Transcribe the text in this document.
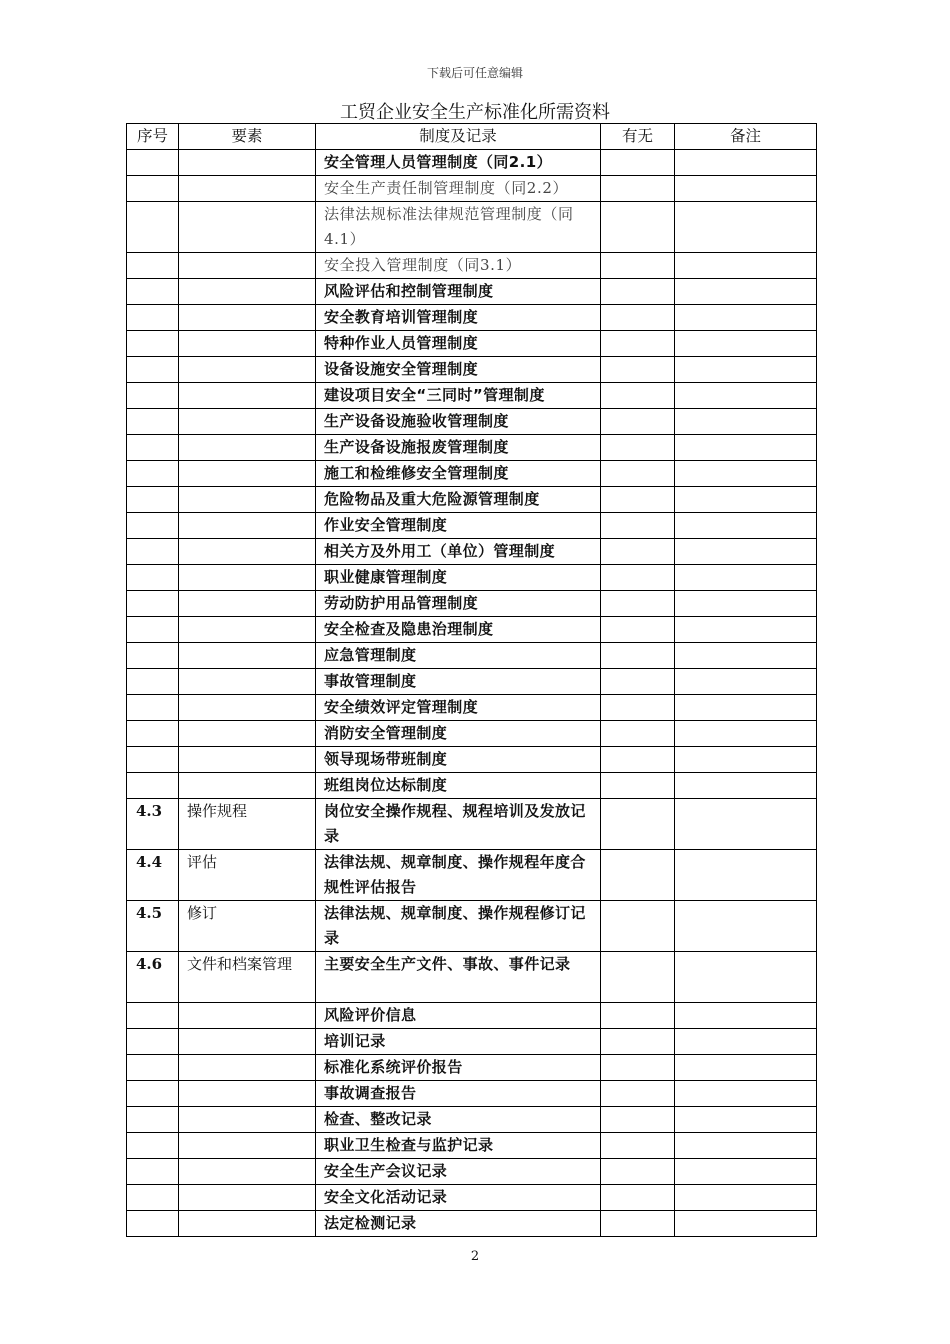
下载后可任意编辑
工贸企业安全生产标准化所需资料
序号	要素	制度及记录	有无	备注
		安全管理人员管理制度（同2.1）		
		安全生产责任制管理制度（同2.2）		
		法律法规标准法律规范管理制度（同4.1）		
		安全投入管理制度（同3.1）		
		风险评估和控制管理制度		
		安全教育培训管理制度		
		特种作业人员管理制度		
		设备设施安全管理制度		
		建设项目安全“三同时”管理制度		
		生产设备设施验收管理制度		
		生产设备设施报废管理制度		
		施工和检维修安全管理制度		
		危险物品及重大危险源管理制度		
		作业安全管理制度		
		相关方及外用工（单位）管理制度		
		职业健康管理制度		
		劳动防护用品管理制度		
		安全检查及隐患治理制度		
		应急管理制度		
		事故管理制度		
		安全绩效评定管理制度		
		消防安全管理制度		
		领导现场带班制度		
		班组岗位达标制度		
4.3	操作规程	岗位安全操作规程、规程培训及发放记录		
4.4	评估	法律法规、规章制度、操作规程年度合规性评估报告		
4.5	修订	法律法规、规章制度、操作规程修订记录		
4.6	文件和档案管理	主要安全生产文件、事故、事件记录		
		风险评价信息		
		培训记录		
		标准化系统评价报告		
		事故调查报告		
		检查、整改记录		
		职业卫生检查与监护记录		
		安全生产会议记录		
		安全文化活动记录		
		法定检测记录		
2
